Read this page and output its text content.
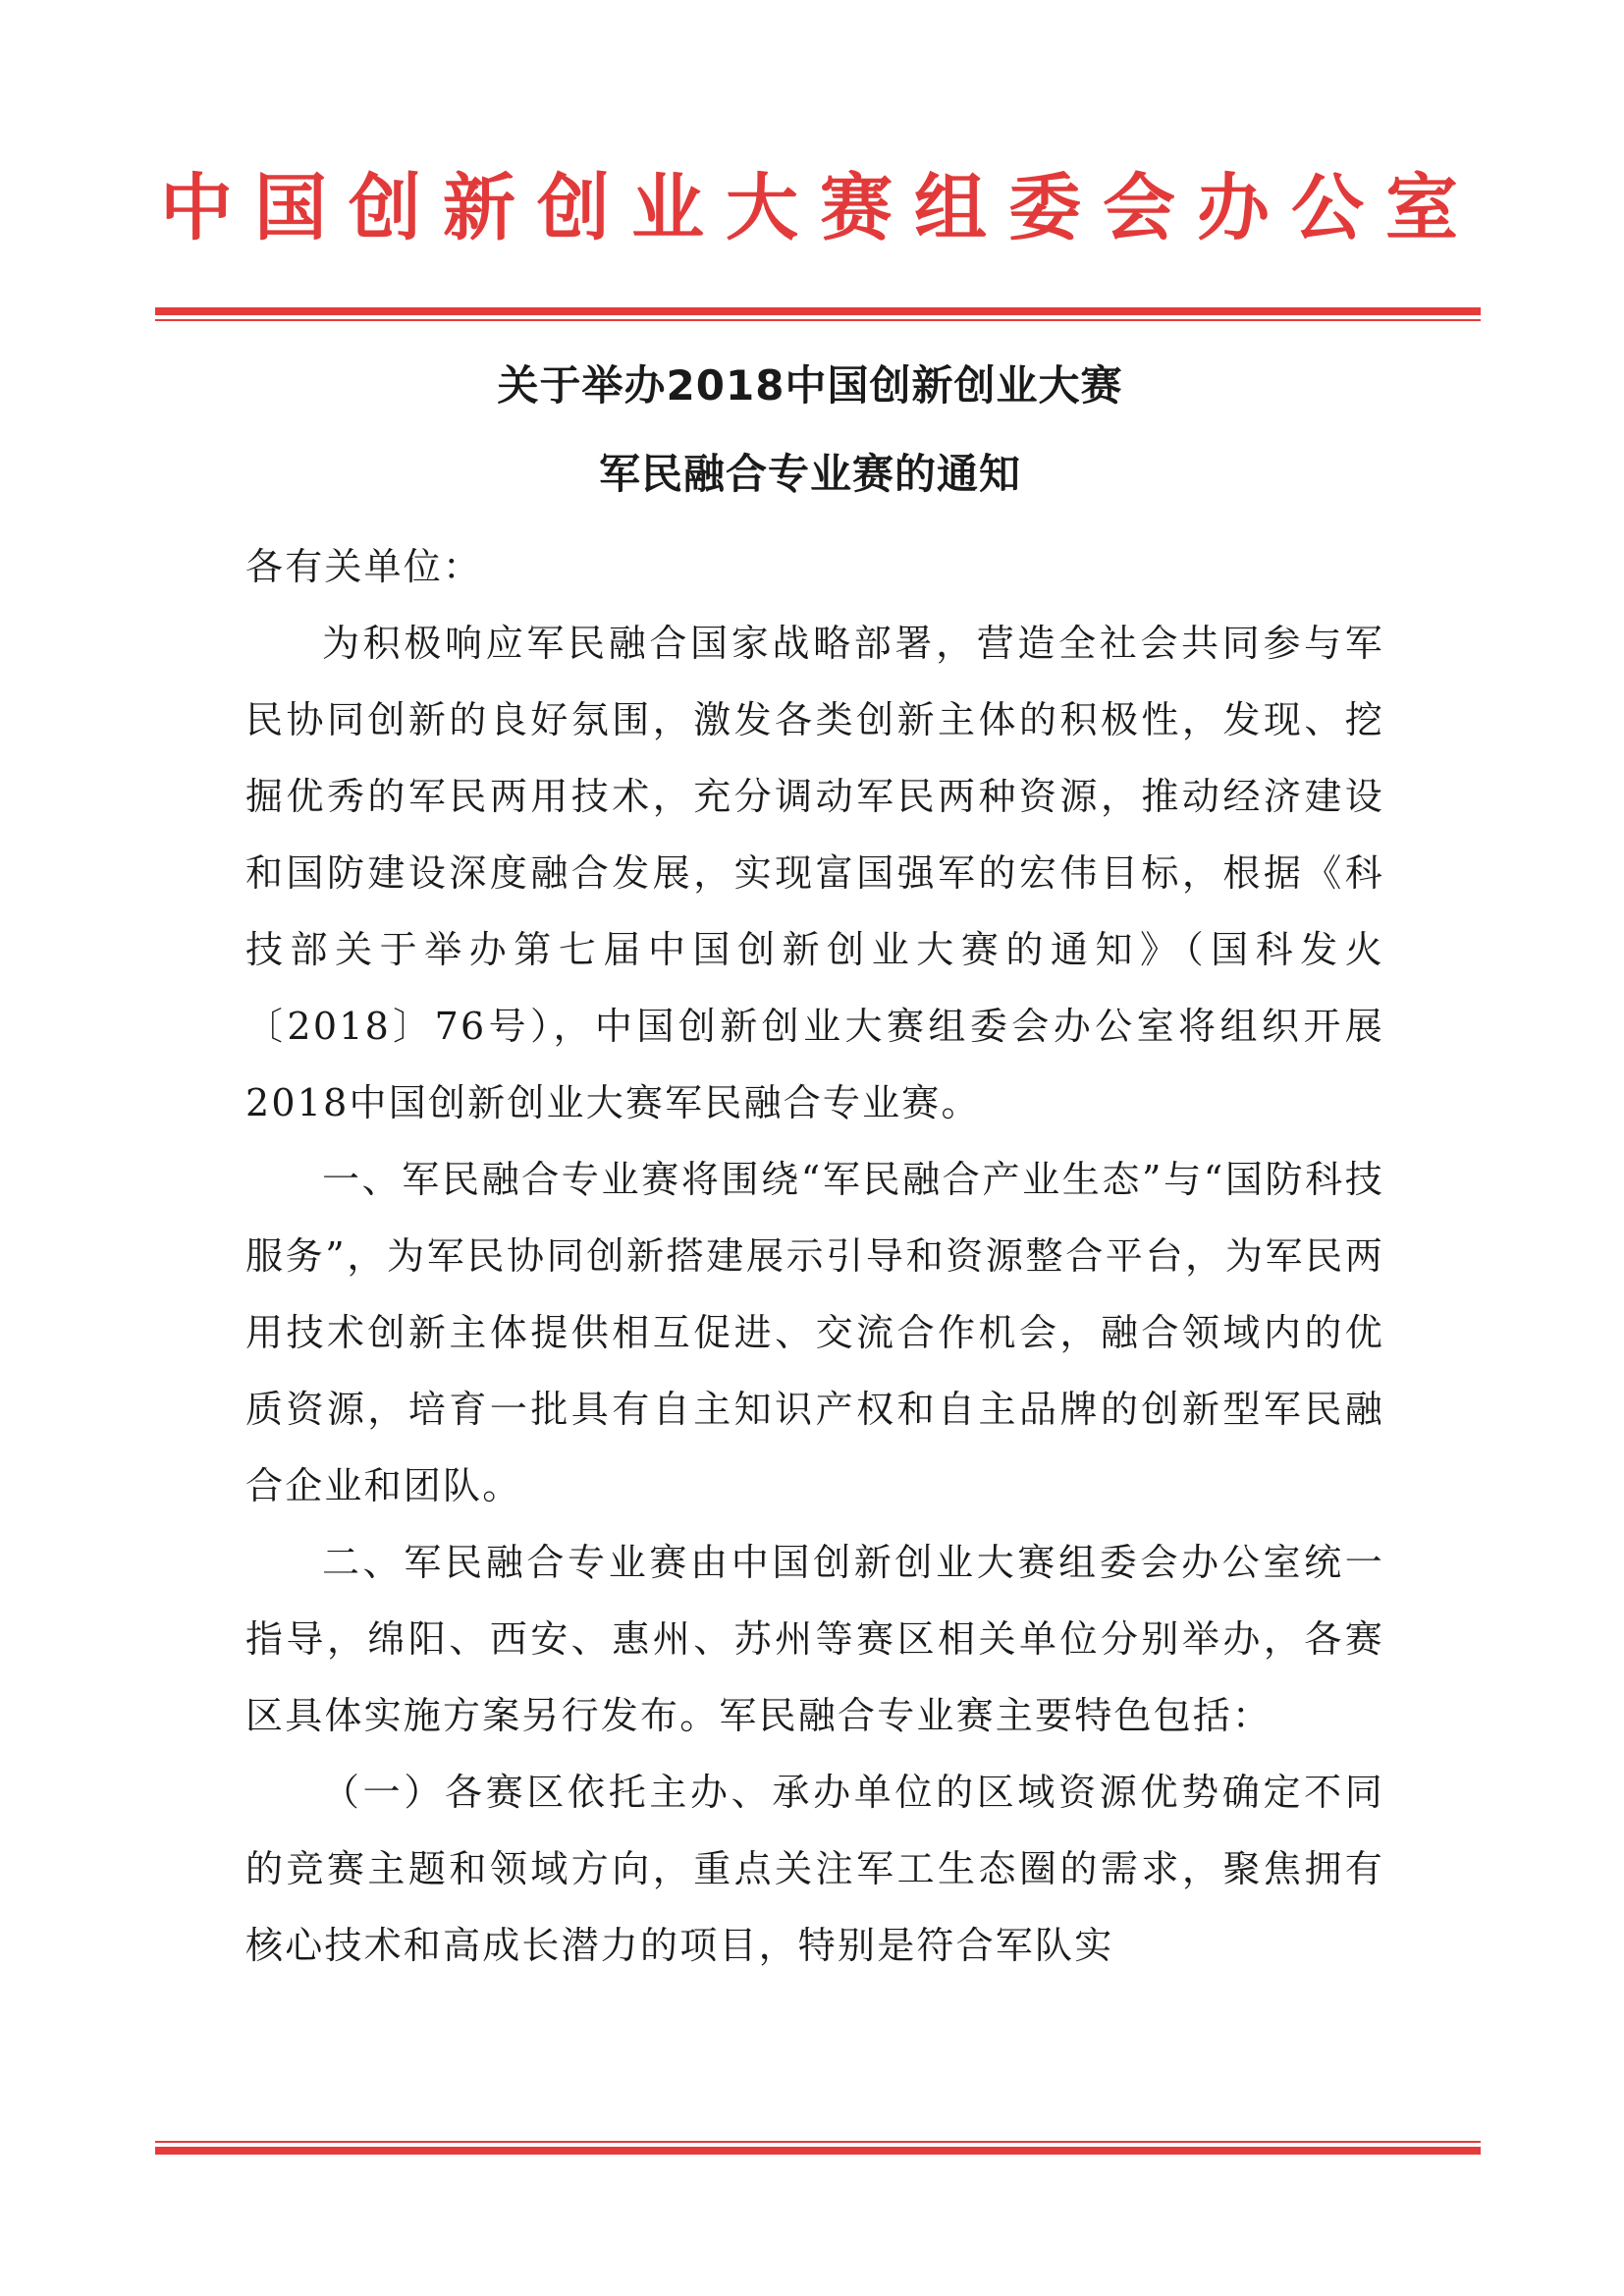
中国创新创业大赛组委会办公室
关于举办2018中国创新创业大赛
军民融合专业赛的通知

各有关单位：

为积极响应军民融合国家战略部署，营造全社会共同参与军民协同创新的良好氛围，激发各类创新主体的积极性，发现、挖掘优秀的军民两用技术，充分调动军民两种资源，推动经济建设和国防建设深度融合发展，实现富国强军的宏伟目标，根据《科技部关于举办第七届中国创新创业大赛的通知》（国科发火〔2018〕76号），中国创新创业大赛组委会办公室将组织开展2018中国创新创业大赛军民融合专业赛。

一、军民融合专业赛将围绕“军民融合产业生态”与“国防科技服务”，为军民协同创新搭建展示引导和资源整合平台，为军民两用技术创新主体提供相互促进、交流合作机会，融合领域内的优质资源，培育一批具有自主知识产权和自主品牌的创新型军民融合企业和团队。

二、军民融合专业赛由中国创新创业大赛组委会办公室统一指导，绵阳、西安、惠州、苏州等赛区相关单位分别举办，各赛区具体实施方案另行发布。军民融合专业赛主要特色包括：

（一）各赛区依托主办、承办单位的区域资源优势确定不同的竞赛主题和领域方向，重点关注军工生态圈的需求，聚焦拥有核心技术和高成长潜力的项目，特别是符合军队实
